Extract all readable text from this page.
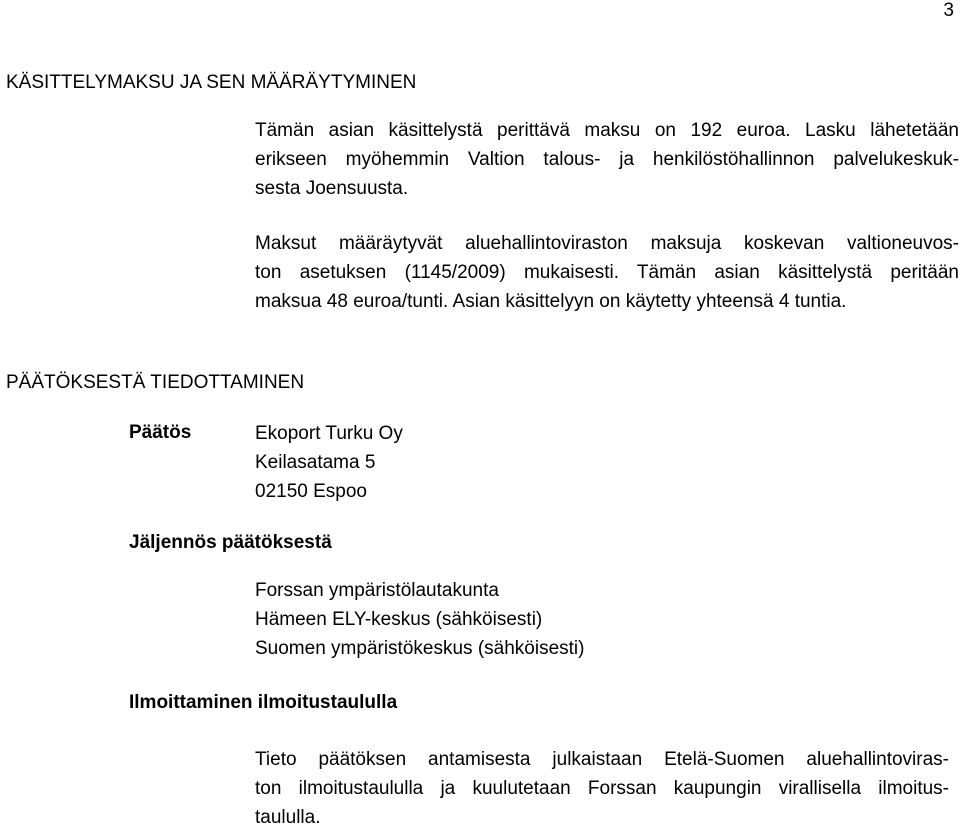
3
KÄSITTELYMAKSU JA SEN MÄÄRÄYTYMINEN
Tämän asian käsittelystä perittävä maksu on 192 euroa. Lasku lähetetään
erikseen myöhemmin Valtion talous- ja henkilöstöhallinnon palvelukeskuk-
sesta Joensuusta.
Maksut määräytyvät aluehallintoviraston maksuja koskevan valtioneuvos-
ton asetuksen (1145/2009) mukaisesti. Tämän asian käsittelystä peritään
maksua 48 euroa/tunti. Asian käsittelyyn on käytetty yhteensä 4 tuntia.
PÄÄTÖKSESTÄ TIEDOTTAMINEN
Päätös	Ekoport Turku Oy
Keilasatama 5
02150 Espoo
Jäljennös päätöksestä
Forssan ympäristölautakunta
Hämeen ELY-keskus (sähköisesti)
Suomen ympäristökeskus (sähköisesti)
Ilmoittaminen ilmoitustaululla
Tieto päätöksen antamisesta julkaistaan Etelä-Suomen aluehallintoviras-
ton ilmoitustaululla ja kuulutetaan Forssan kaupungin virallisella ilmoitus-
taululla.
